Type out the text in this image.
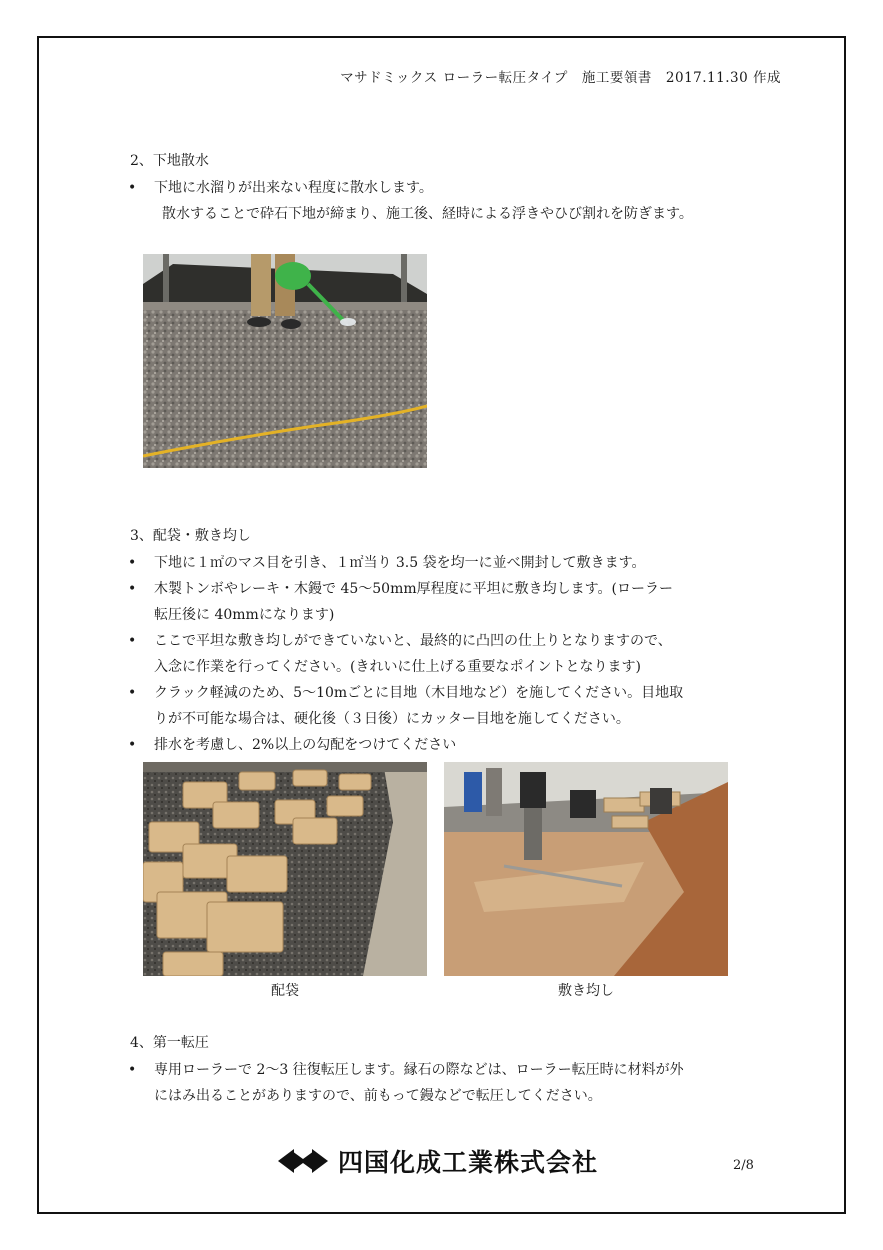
マサドミックス ローラー転圧タイプ　施工要領書　2017.11.30 作成
2、下地散水
• 下地に水溜りが出来ない程度に散水します。
散水することで砕石下地が締まり、施工後、経時による浮きやひび割れを防ぎます。
3、配袋・敷き均し
• 下地に１㎡のマス目を引き、１㎡当り 3.5 袋を均一に並べ開封して敷きます。
• 木製トンボやレーキ・木鏝で 45～50mm厚程度に平坦に敷き均します。(ローラー
転圧後に 40mmになります)
• ここで平坦な敷き均しができていないと、最終的に凸凹の仕上りとなりますので、
入念に作業を行ってください。(きれいに仕上げる重要なポイントとなります)
• クラック軽減のため、5～10mごとに目地（木目地など）を施してください。目地取
りが不可能な場合は、硬化後（３日後）にカッター目地を施してください。
• 排水を考慮し、2%以上の勾配をつけてください
配袋	敷き均し
4、第一転圧
• 専用ローラーで 2～3 往復転圧します。縁石の際などは、ローラー転圧時に材料が外
にはみ出ることがありますので、前もって鏝などで転圧してください。
四国化成工業株式会社	2/8
